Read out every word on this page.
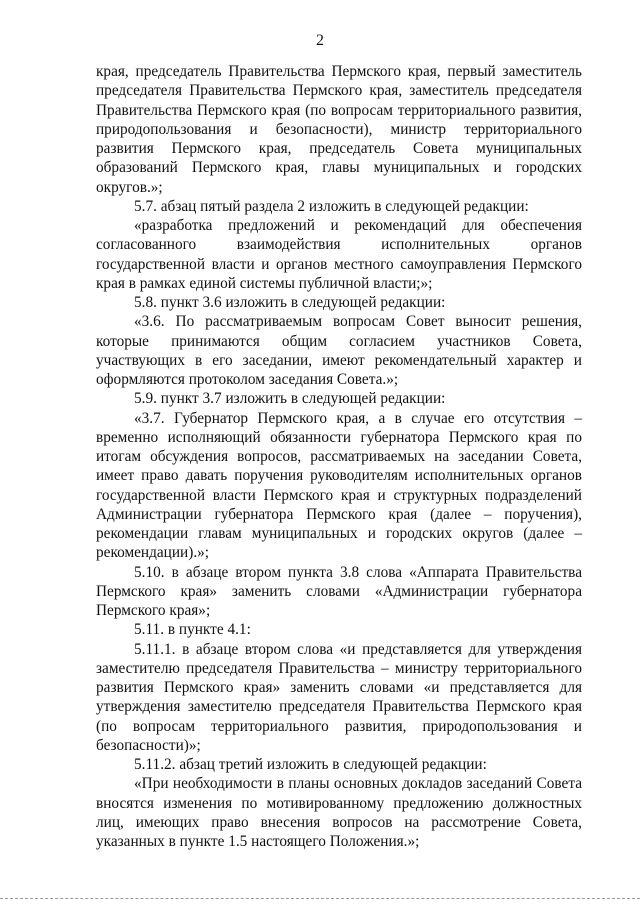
2

края, председатель Правительства Пермского края, первый заместитель председателя Правительства Пермского края, заместитель председателя Правительства Пермского края (по вопросам территориального развития, природопользования и безопасности), министр территориального развития Пермского края, председатель Совета муниципальных образований Пермского края, главы муниципальных и городских округов.»;

5.7. абзац пятый раздела 2 изложить в следующей редакции:

«разработка предложений и рекомендаций для обеспечения согласованного взаимодействия исполнительных органов государственной власти и органов местного самоуправления Пермского края в рамках единой системы публичной власти;»;

5.8. пункт 3.6 изложить в следующей редакции:

«3.6. По рассматриваемым вопросам Совет выносит решения, которые принимаются общим согласием участников Совета, участвующих в его заседании, имеют рекомендательный характер и оформляются протоколом заседания Совета.»;

5.9. пункт 3.7 изложить в следующей редакции:

«3.7. Губернатор Пермского края, а в случае его отсутствия – временно исполняющий обязанности губернатора Пермского края по итогам обсуждения вопросов, рассматриваемых на заседании Совета, имеет право давать поручения руководителям исполнительных органов государственной власти Пермского края и структурных подразделений Администрации губернатора Пермского края (далее – поручения), рекомендации главам муниципальных и городских округов (далее – рекомендации).»;

5.10. в абзаце втором пункта 3.8 слова «Аппарата Правительства Пермского края» заменить словами «Администрации губернатора Пермского края»;

5.11. в пункте 4.1:

5.11.1. в абзаце втором слова «и представляется для утверждения заместителю председателя Правительства – министру территориального развития Пермского края» заменить словами «и представляется для утверждения заместителю председателя Правительства Пермского края (по вопросам территориального развития, природопользования и безопасности)»;

5.11.2. абзац третий изложить в следующей редакции:

«При необходимости в планы основных докладов заседаний Совета вносятся изменения по мотивированному предложению должностных лиц, имеющих право внесения вопросов на рассмотрение Совета, указанных в пункте 1.5 настоящего Положения.»;
